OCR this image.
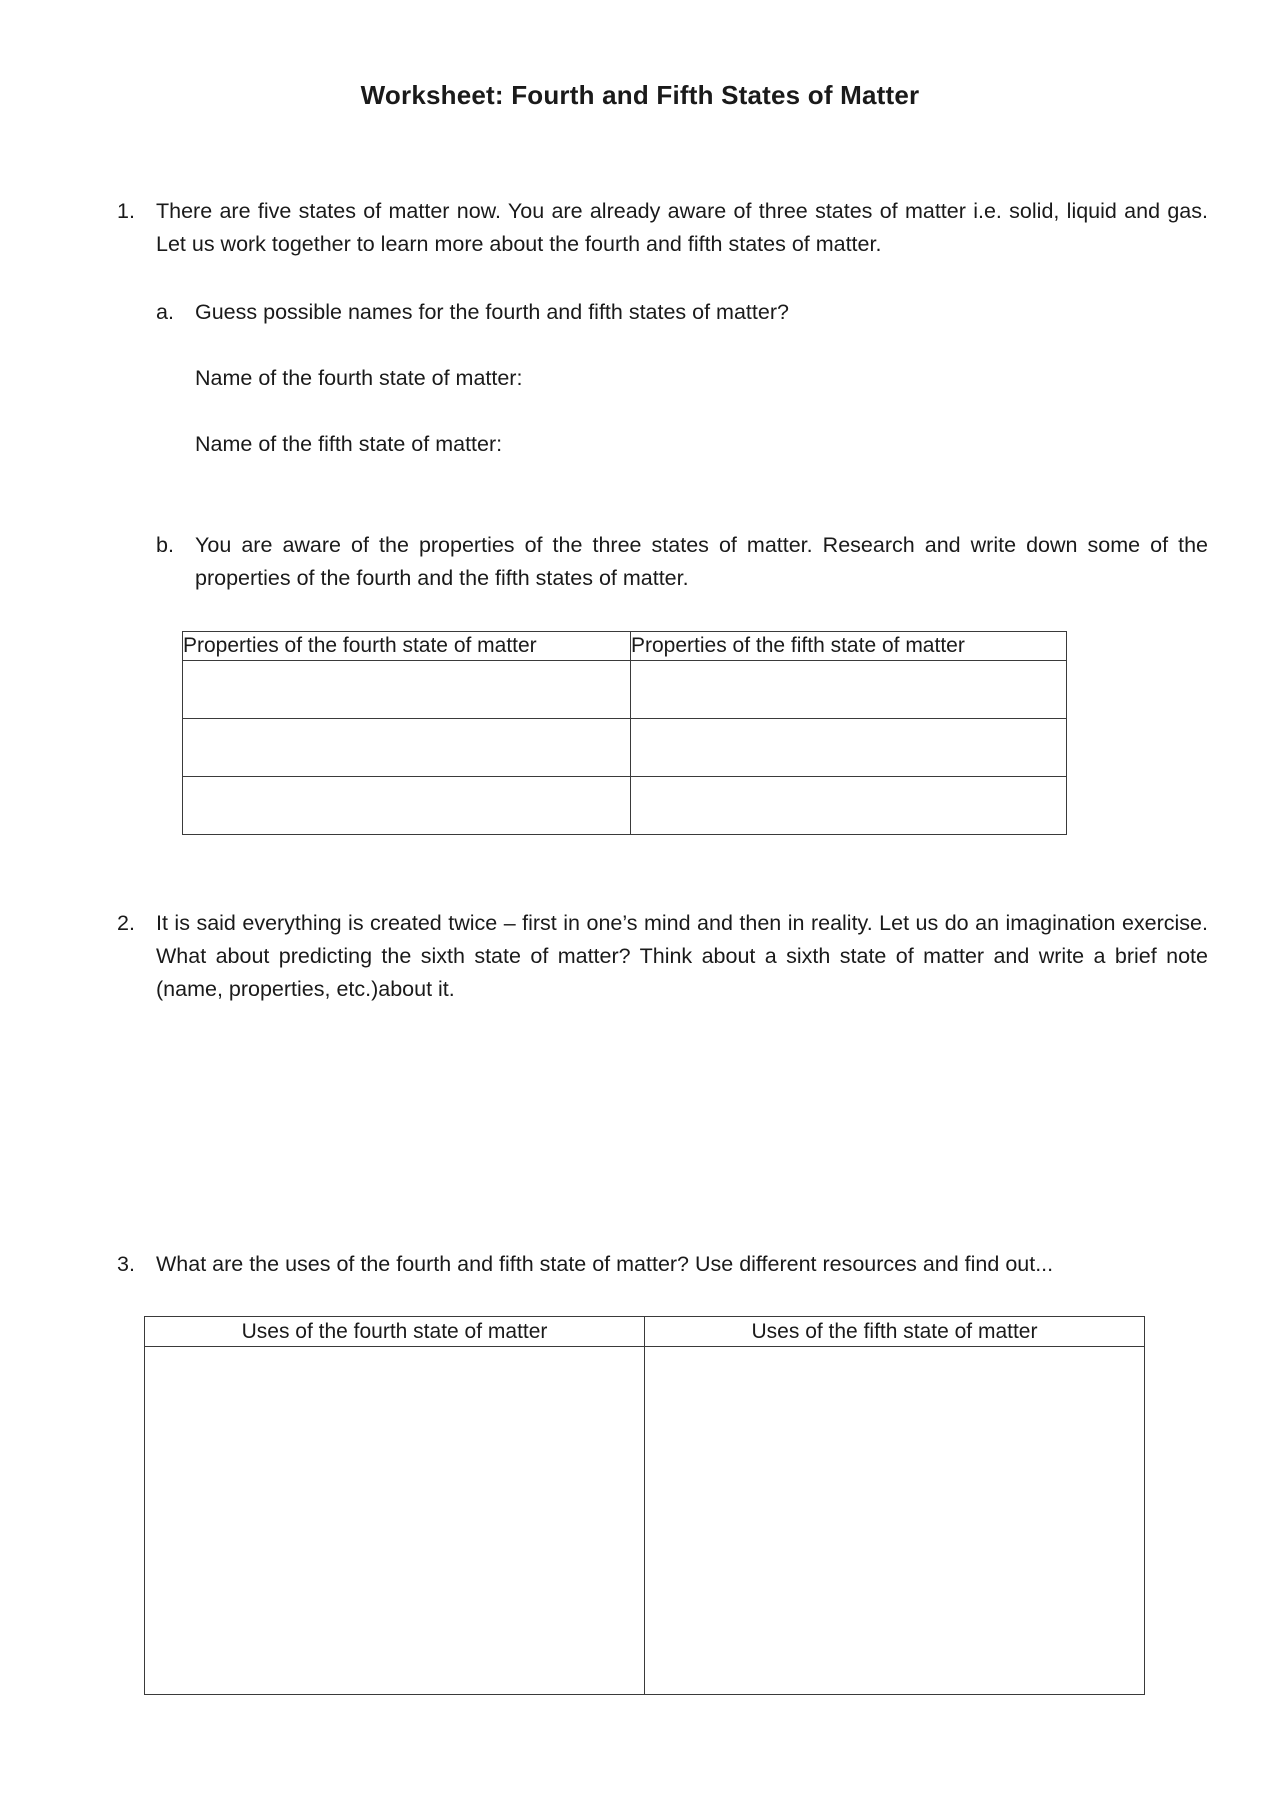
Worksheet: Fourth and Fifth States of Matter
1. There are five states of matter now. You are already aware of three states of matter i.e. solid, liquid and gas. Let us work together to learn more about the fourth and fifth states of matter.
a. Guess possible names for the fourth and fifth states of matter?
Name of the fourth state of matter:
Name of the fifth state of matter:
b. You are aware of the properties of the three states of matter. Research and write down some of the properties of the fourth and the fifth states of matter.
Properties of the fourth state of matter	Properties of the fifth state of matter

2. It is said everything is created twice – first in one’s mind and then in reality. Let us do an imagination exercise. What about predicting the sixth state of matter? Think about a sixth state of matter and write a brief note (name, properties, etc.)about it.
3. What are the uses of the fourth and fifth state of matter? Use different resources and find out...
Uses of the fourth state of matter	Uses of the fifth state of matter
